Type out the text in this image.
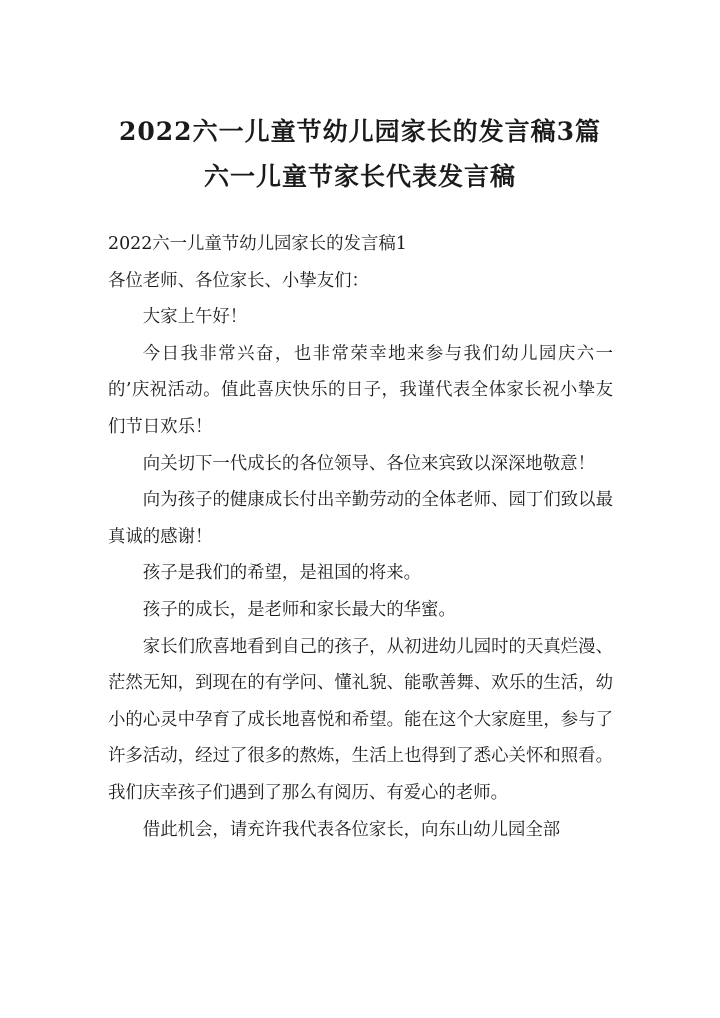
2022六一儿童节幼儿园家长的发言稿3篇
六一儿童节家长代表发言稿

2022六一儿童节幼儿园家长的发言稿1

各位老师、各位家长、小挚友们：

大家上午好！

今日我非常兴奋，也非常荣幸地来参与我们幼儿园庆六一的’庆祝活动。值此喜庆快乐的日子，我谨代表全体家长祝小挚友们节日欢乐！

向关切下一代成长的各位领导、各位来宾致以深深地敬意！

向为孩子的健康成长付出辛勤劳动的全体老师、园丁们致以最真诚的感谢！

孩子是我们的希望，是祖国的将来。

孩子的成长，是老师和家长最大的华蜜。

家长们欣喜地看到自己的孩子，从初进幼儿园时的天真烂漫、茫然无知，到现在的有学问、懂礼貌、能歌善舞、欢乐的生活，幼小的心灵中孕育了成长地喜悦和希望。能在这个大家庭里，参与了许多活动，经过了很多的熬炼，生活上也得到了悉心关怀和照看。我们庆幸孩子们遇到了那么有阅历、有爱心的老师。

借此机会，请充许我代表各位家长，向东山幼儿园全部
